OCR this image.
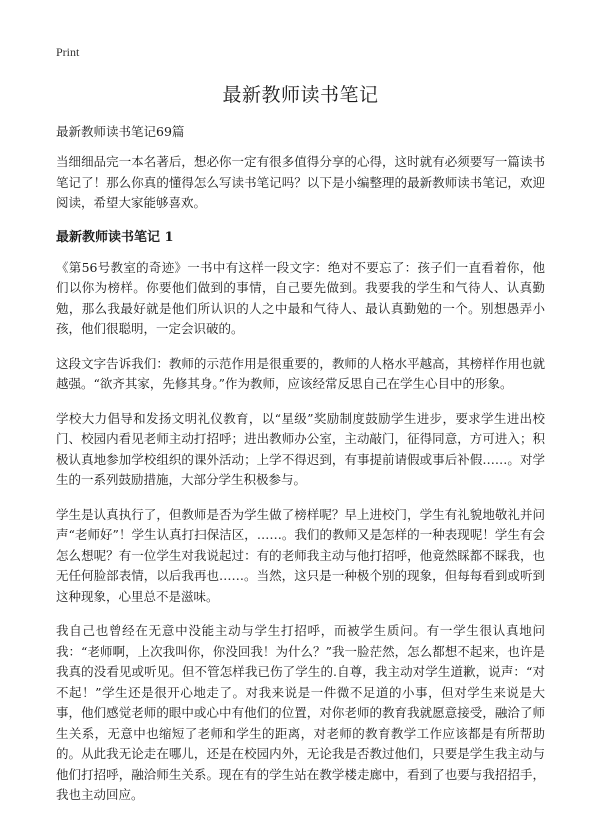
Print
最新教师读书笔记

最新教师读书笔记69篇

当细细品完一本名著后，想必你一定有很多值得分享的心得，这时就有必须要写一篇读书笔记了！那么你真的懂得怎么写读书笔记吗？以下是小编整理的最新教师读书笔记，欢迎阅读，希望大家能够喜欢。

最新教师读书笔记 1

《第56号教室的奇迹》一书中有这样一段文字：绝对不要忘了：孩子们一直看着你，他们以你为榜样。你要他们做到的事情，自己要先做到。我要我的学生和气待人、认真勤勉，那么我最好就是他们所认识的人之中最和气待人、最认真勤勉的一个。别想愚弄小孩，他们很聪明，一定会识破的。

这段文字告诉我们：教师的示范作用是很重要的，教师的人格水平越高，其榜样作用也就越强。“欲齐其家，先修其身。”作为教师，应该经常反思自己在学生心目中的形象。

学校大力倡导和发扬文明礼仪教育，以“星级”奖励制度鼓励学生进步，要求学生进出校门、校园内看见老师主动打招呼；进出教师办公室，主动敲门，征得同意，方可进入；积极认真地参加学校组织的课外活动；上学不得迟到，有事提前请假或事后补假……。对学生的一系列鼓励措施，大部分学生积极参与。

学生是认真执行了，但教师是否为学生做了榜样呢？早上进校门，学生有礼貌地敬礼并问声“老师好”！学生认真打扫保洁区，……。我们的教师又是怎样的一种表现呢！学生有会怎么想呢？有一位学生对我说起过：有的老师我主动与他打招呼，他竟然睬都不睬我，也无任何脸部表情，以后我再也……。当然，这只是一种极个别的现象，但每每看到或听到这种现象，心里总不是滋味。

我自己也曾经在无意中没能主动与学生打招呼，而被学生质问。有一学生很认真地问我：“老师啊，上次我叫你，你没回我！为什么？”我一脸茫然，怎么都想不起来，也许是我真的没看见或听见。但不管怎样我已伤了学生的.自尊，我主动对学生道歉，说声：“对不起！”学生还是很开心地走了。对我来说是一件微不足道的小事，但对学生来说是大事，他们感觉老师的眼中或心中有他们的位置，对你老师的教育我就愿意接受，融洽了师生关系，无意中也缩短了老师和学生的距离，对老师的教育教学工作应该都是有所帮助的。从此我无论走在哪儿，还是在校园内外，无论我是否教过他们，只要是学生我主动与他们打招呼，融洽师生关系。现在有的学生站在教学楼走廊中，看到了也要与我招招手，我也主动回应。
